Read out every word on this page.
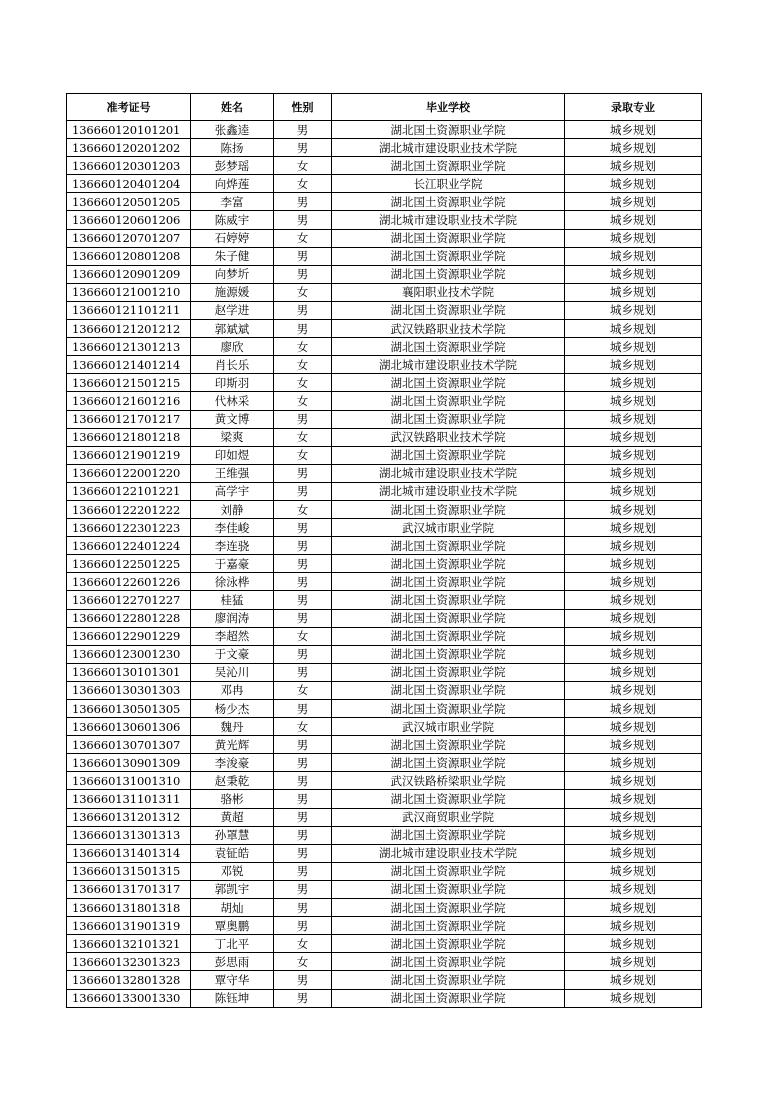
准考证号	姓名	性别	毕业学校	录取专业
136660120101201	张鑫逵	男	湖北国土资源职业学院	城乡规划
136660120201202	陈扬	男	湖北城市建设职业技术学院	城乡规划
136660120301203	彭梦瑶	女	湖北国土资源职业学院	城乡规划
136660120401204	向烨莲	女	长江职业学院	城乡规划
136660120501205	李富	男	湖北国土资源职业学院	城乡规划
136660120601206	陈威宇	男	湖北城市建设职业技术学院	城乡规划
136660120701207	石婷婷	女	湖北国土资源职业学院	城乡规划
136660120801208	朱子健	男	湖北国土资源职业学院	城乡规划
136660120901209	向梦圻	男	湖北国土资源职业学院	城乡规划
136660121001210	施源媛	女	襄阳职业技术学院	城乡规划
136660121101211	赵学进	男	湖北国土资源职业学院	城乡规划
136660121201212	郭斌斌	男	武汉铁路职业技术学院	城乡规划
136660121301213	廖欣	女	湖北国土资源职业学院	城乡规划
136660121401214	肖长乐	女	湖北城市建设职业技术学院	城乡规划
136660121501215	印斯羽	女	湖北国土资源职业学院	城乡规划
136660121601216	代林采	女	湖北国土资源职业学院	城乡规划
136660121701217	黄文博	男	湖北国土资源职业学院	城乡规划
136660121801218	梁爽	女	武汉铁路职业技术学院	城乡规划
136660121901219	印如煜	女	湖北国土资源职业学院	城乡规划
136660122001220	王维强	男	湖北城市建设职业技术学院	城乡规划
136660122101221	高学宇	男	湖北城市建设职业技术学院	城乡规划
136660122201222	刘静	女	湖北国土资源职业学院	城乡规划
136660122301223	李佳峻	男	武汉城市职业学院	城乡规划
136660122401224	李连骁	男	湖北国土资源职业学院	城乡规划
136660122501225	于嘉豪	男	湖北国土资源职业学院	城乡规划
136660122601226	徐泳桦	男	湖北国土资源职业学院	城乡规划
136660122701227	桂猛	男	湖北国土资源职业学院	城乡规划
136660122801228	廖润涛	男	湖北国土资源职业学院	城乡规划
136660122901229	李超然	女	湖北国土资源职业学院	城乡规划
136660123001230	于文豪	男	湖北国土资源职业学院	城乡规划
136660130101301	吴沁川	男	湖北国土资源职业学院	城乡规划
136660130301303	邓冉	女	湖北国土资源职业学院	城乡规划
136660130501305	杨少杰	男	湖北国土资源职业学院	城乡规划
136660130601306	魏丹	女	武汉城市职业学院	城乡规划
136660130701307	黄光辉	男	湖北国土资源职业学院	城乡规划
136660130901309	李浚豪	男	湖北国土资源职业学院	城乡规划
136660131001310	赵秉乾	男	武汉铁路桥梁职业学院	城乡规划
136660131101311	骆彬	男	湖北国土资源职业学院	城乡规划
136660131201312	黄超	男	武汉商贸职业学院	城乡规划
136660131301313	孙罩慧	男	湖北国土资源职业学院	城乡规划
136660131401314	袁钲皓	男	湖北城市建设职业技术学院	城乡规划
136660131501315	邓锐	男	湖北国土资源职业学院	城乡规划
136660131701317	郭凯宇	男	湖北国土资源职业学院	城乡规划
136660131801318	胡灿	男	湖北国土资源职业学院	城乡规划
136660131901319	覃奥鹏	男	湖北国土资源职业学院	城乡规划
136660132101321	丁北平	女	湖北国土资源职业学院	城乡规划
136660132301323	彭思雨	女	湖北国土资源职业学院	城乡规划
136660132801328	覃守华	男	湖北国土资源职业学院	城乡规划
136660133001330	陈钰坤	男	湖北国土资源职业学院	城乡规划
